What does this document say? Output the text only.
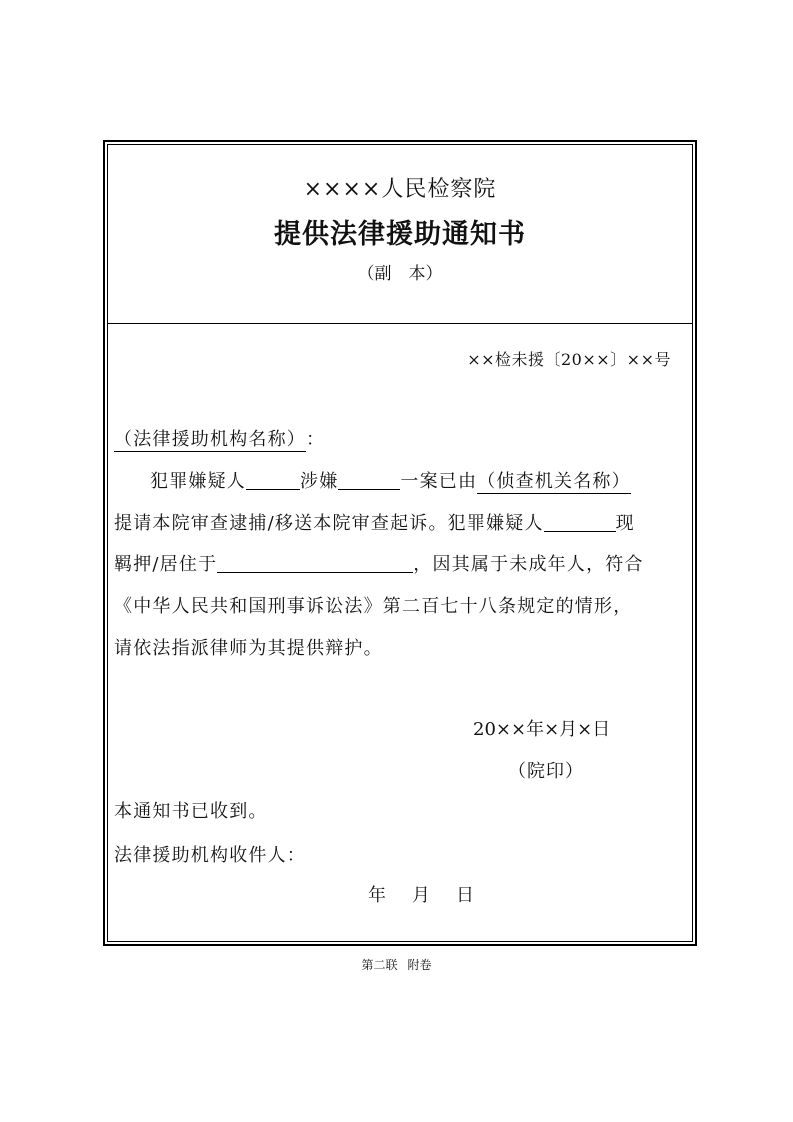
××××人民检察院
提供法律援助通知书
（副　本）
××检未援〔20××〕××号
（法律援助机构名称）：
犯罪嫌疑人	涉嫌	一案已由（侦查机关名称）
提请本院审查逮捕/移送本院审查起诉。犯罪嫌疑人	现
羁押/居住于	，因其属于未成年人，符合
《中华人民共和国刑事诉讼法》第二百七十八条规定的情形，
请依法指派律师为其提供辩护。
20××年×月×日
（院印）
本通知书已收到。
法律援助机构收件人：
年 月 日
第二联 附卷
